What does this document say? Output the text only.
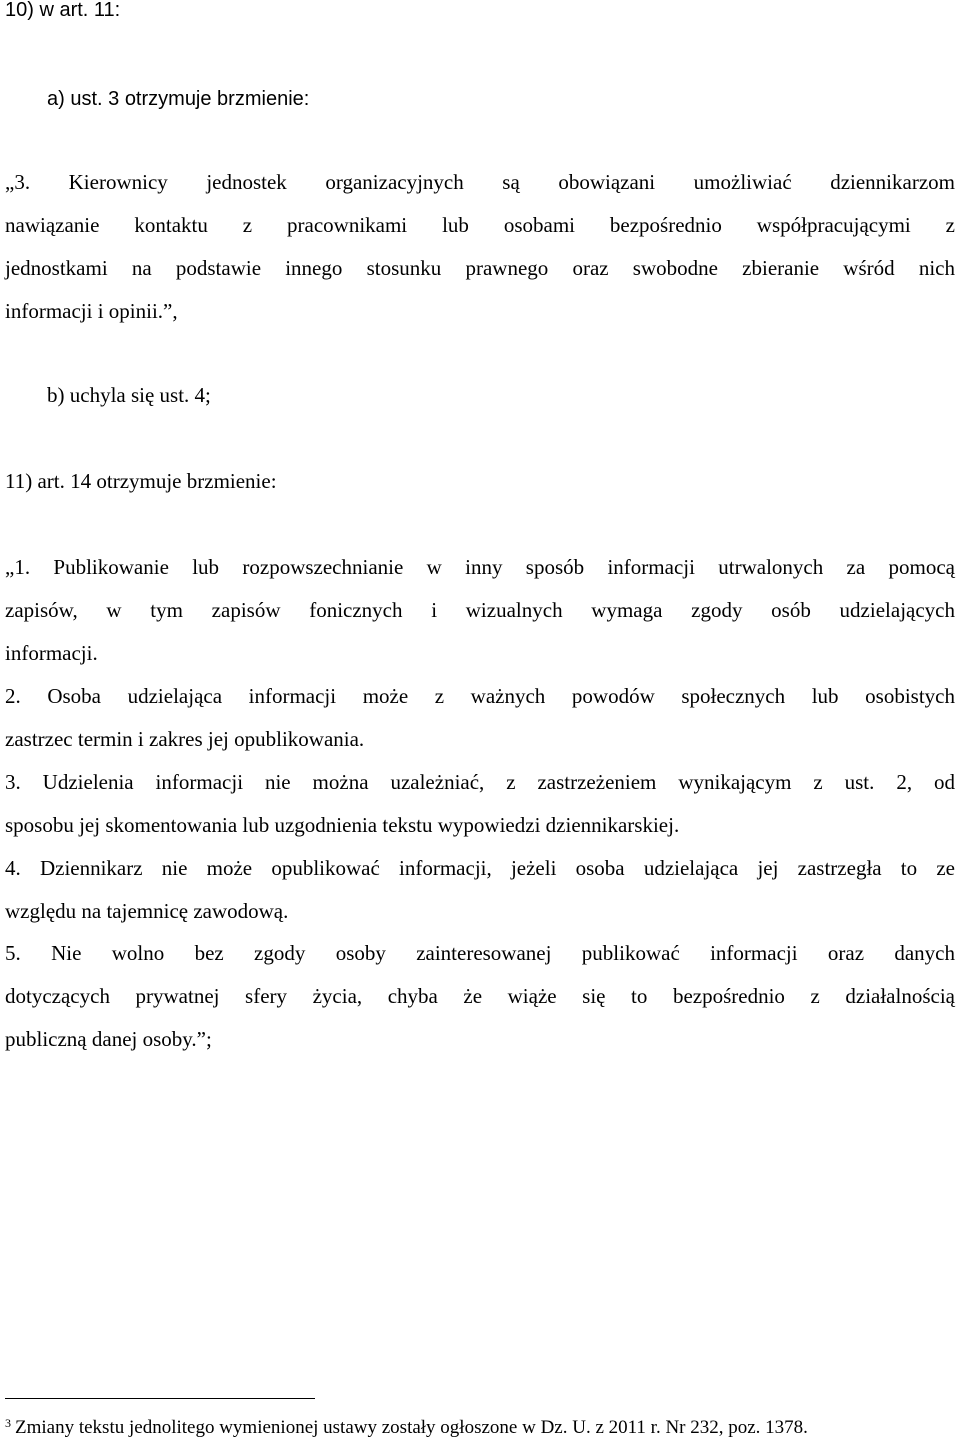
10) w art. 11:
a) ust. 3 otrzymuje brzmienie:
„3. Kierownicy jednostek organizacyjnych są obowiązani umożliwiać dziennikarzom
nawiązanie kontaktu z pracownikami lub osobami bezpośrednio współpracującymi z
jednostkami na podstawie innego stosunku prawnego oraz swobodne zbieranie wśród nich
informacji i opinii.”,
b) uchyla się ust. 4;
11) art. 14 otrzymuje brzmienie:
„1. Publikowanie lub rozpowszechnianie w inny sposób informacji utrwalonych za pomocą
zapisów, w tym zapisów fonicznych i wizualnych wymaga zgody osób udzielających
informacji.
2. Osoba udzielająca informacji może z ważnych powodów społecznych lub osobistych
zastrzec termin i zakres jej opublikowania.
3. Udzielenia informacji nie można uzależniać, z zastrzeżeniem wynikającym z ust. 2, od
sposobu jej skomentowania lub uzgodnienia tekstu wypowiedzi dziennikarskiej.
4. Dziennikarz nie może opublikować informacji, jeżeli osoba udzielająca jej zastrzegła to ze
względu na tajemnicę zawodową.
5. Nie wolno bez zgody osoby zainteresowanej publikować informacji oraz danych
dotyczących prywatnej sfery życia, chyba że wiąże się to bezpośrednio z działalnością
publiczną danej osoby.”;
$^3$ Zmiany tekstu jednolitego wymienionej ustawy zostały ogłoszone w Dz. U. z 2011 r. Nr 232, poz. 1378.
